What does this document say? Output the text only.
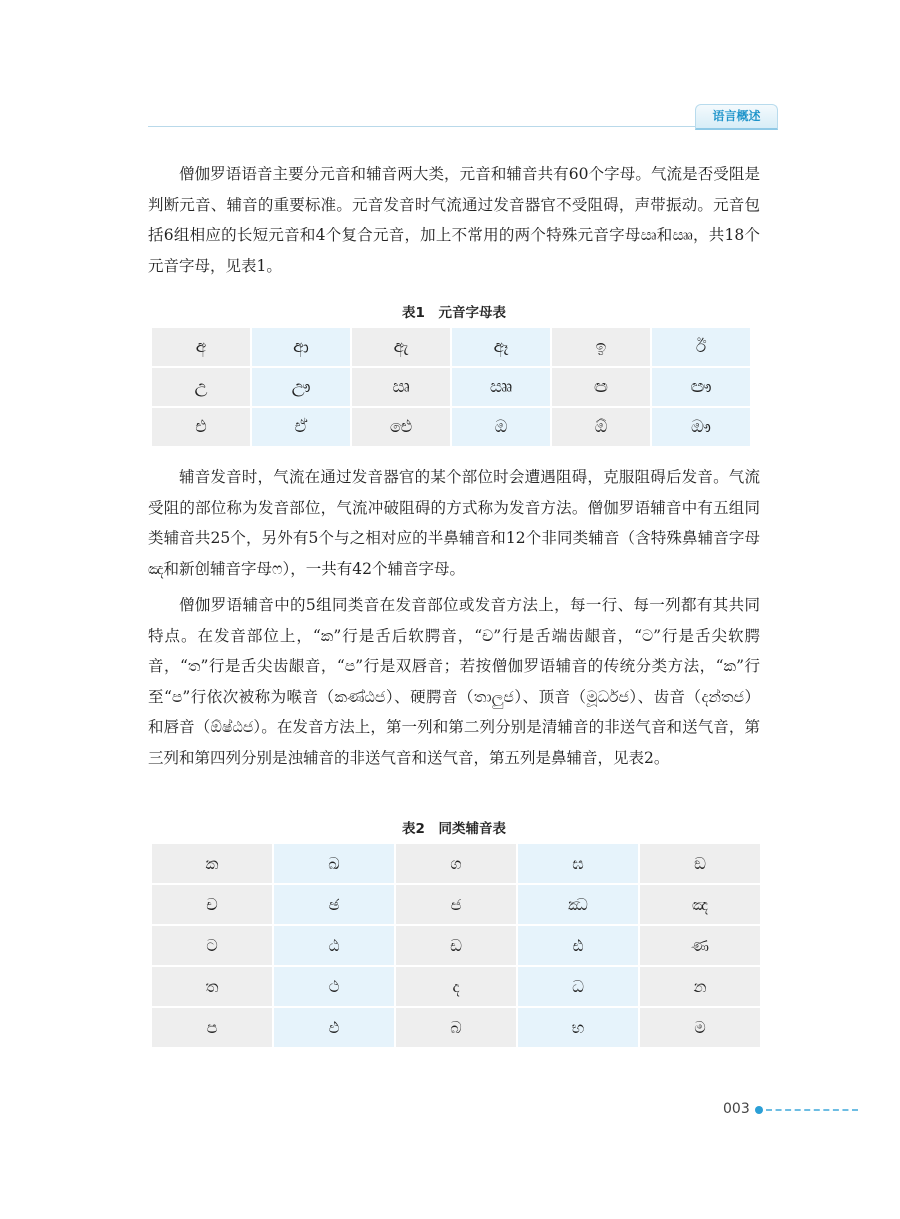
语言概述

僧伽罗语语音主要分元音和辅音两大类，元音和辅音共有60个字母。气流是否受阻是判断元音、辅音的重要标准。元音发音时气流通过发音器官不受阻碍，声带振动。元音包括6组相应的长短元音和4个复合元音，加上不常用的两个特殊元音字母ඍ和ඎ，共18个元音字母，见表1。

表1　元音字母表
අ	ආ	ඇ	ඈ	ඉ	ඊ
උ	ඌ	ඍ	ඎ	ඏ	ඐ
එ	ඒ	ඓ	ඔ	ඕ	ඖ

辅音发音时，气流在通过发音器官的某个部位时会遭遇阻碍，克服阻碍后发音。气流受阻的部位称为发音部位，气流冲破阻碍的方式称为发音方法。僧伽罗语辅音中有五组同类辅音共25个，另外有5个与之相对应的半鼻辅音和12个非同类辅音（含特殊鼻辅音字母ඤ和新创辅音字母ෆ），一共有42个辅音字母。

僧伽罗语辅音中的5组同类音在发音部位或发音方法上，每一行、每一列都有其共同特点。在发音部位上，“ක”行是舌后软腭音，“ච”行是舌端齿龈音，“ට”行是舌尖软腭音，“ත”行是舌尖齿龈音，“ප”行是双唇音；若按僧伽罗语辅音的传统分类方法，“ක”行至“ප”行依次被称为喉音（කණ්ඨජ）、硬腭音（තාලුජ）、顶音（මූර්ධජ）、齿音（දන්තජ）和唇音（ඕෂ්ඨජ）。在发音方法上，第一列和第二列分别是清辅音的非送气音和送气音，第三列和第四列分别是浊辅音的非送气音和送气音，第五列是鼻辅音，见表2。

表2　同类辅音表
ක	ඛ	ග	ඝ	ඞ
ච	ඡ	ජ	ඣ	ඤ
ට	ඨ	ඩ	ඪ	ණ
ත	ථ	ද	ධ	න
ප	ඵ	බ	භ	ම
003
